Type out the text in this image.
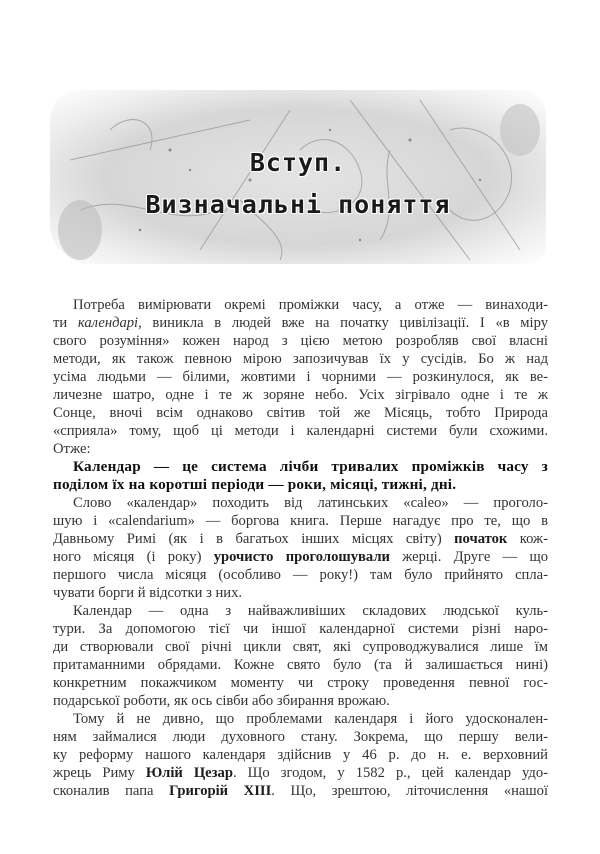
Вступ.
Визначальні поняття
Потреба вимірювати окремі проміжки часу, а отже — винаходи-
ти календарі, виникла в людей вже на початку цивілізації. І «в міру
свого розуміння» кожен народ з цією метою розробляв свої власні
методи, як також певною мірою запозичував їх у сусідів. Бо ж над
усіма людьми — білими, жовтими і чорними — розкинулося, як ве-
личезне шатро, одне і те ж зоряне небо. Усіх зігрівало одне і те ж
Сонце, вночі всім однаково світив той же Місяць, тобто Природа
«сприяла» тому, щоб ці методи і календарні системи були схожими.
Отже:
Календар — це система лічби тривалих проміжків часу з
поділом їх на коротші періоди — роки, місяці, тижні, дні.
Слово «календар» походить від латинських «caleo» — проголо-
шую і «calendarium» — боргова книга. Перше нагадує про те, що в
Давньому Римі (як і в багатьох інших місцях світу) початок кож-
ного місяця (і року) урочисто проголошували жерці. Друге — що
першого числа місяця (особливо — року!) там було прийнято спла-
чувати борги й відсотки з них.
Календар — одна з найважливіших складових людської куль-
тури. За допомогою тієї чи іншої календарної системи різні наро-
ди створювали свої річні цикли свят, які супроводжувалися лише їм
притаманними обрядами. Кожне свято було (та й залишається нині)
конкретним покажчиком моменту чи строку проведення певної гос-
подарської роботи, як ось сівби або збирання врожаю.
Тому й не дивно, що проблемами календаря і його удосконален-
ням займалися люди духовного стану. Зокрема, що першу вели-
ку реформу нашого календаря здійснив у 46 р. до н. е. верховний
жрець Риму Юлій Цезар. Що згодом, у 1582 р., цей календар удо-
сконалив папа Григорій XIII. Що, зрештою, літочислення «нашої
